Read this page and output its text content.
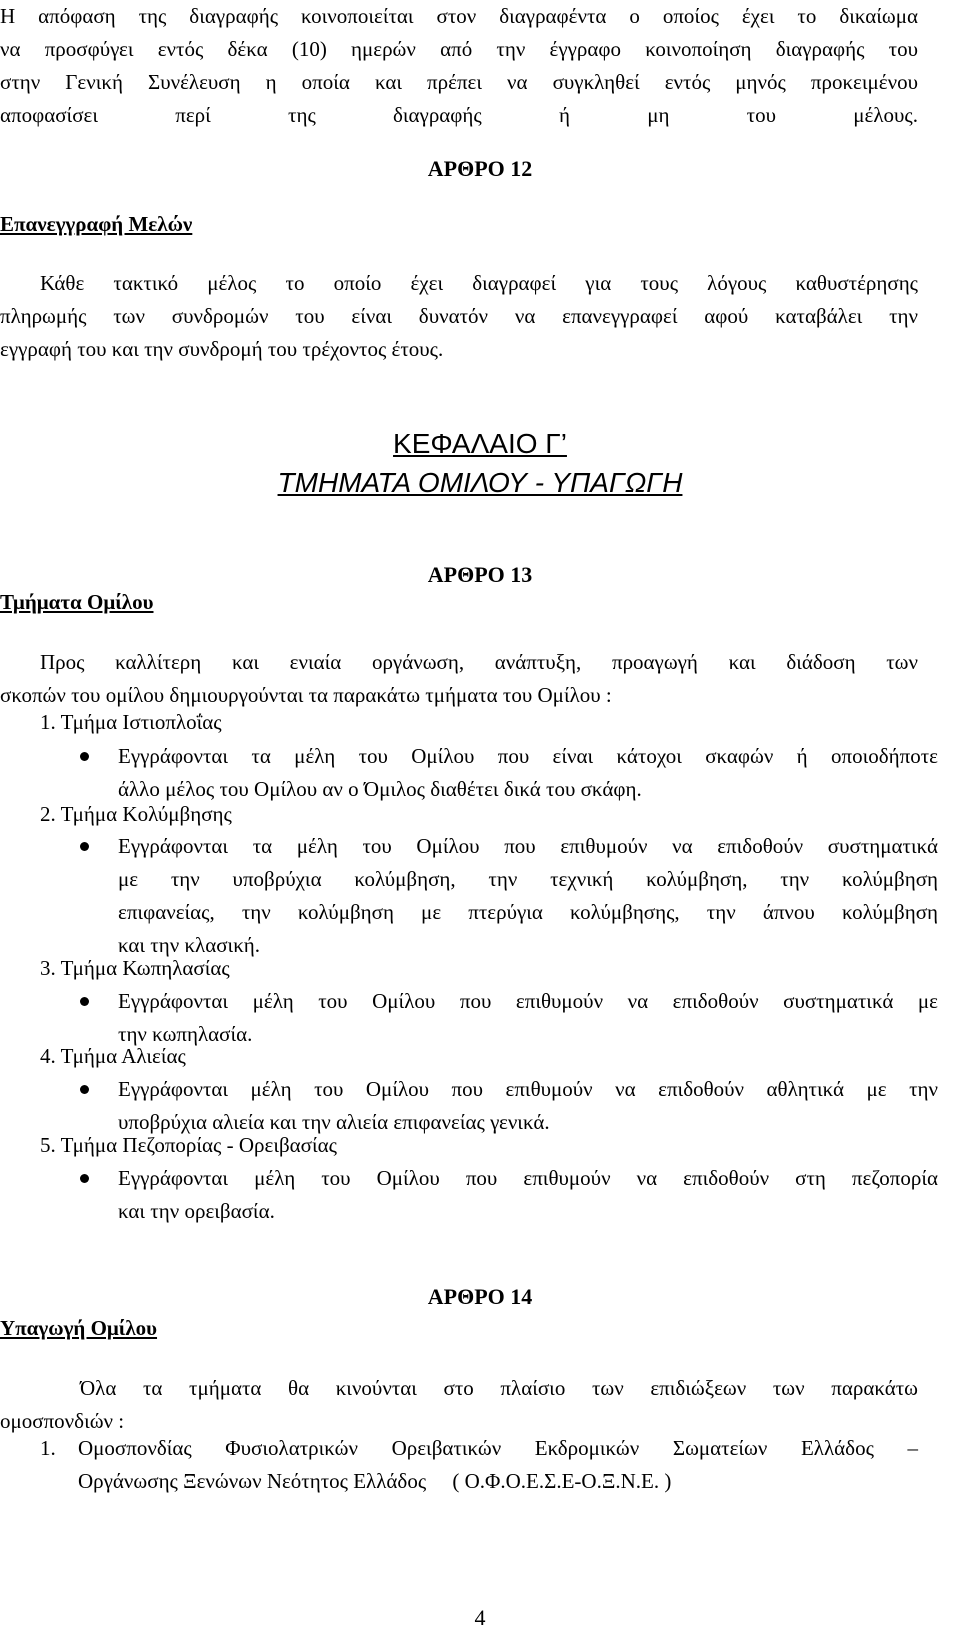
Η απόφαση της διαγραφής κοινοποιείται στον διαγραφέντα ο οποίος έχει το δικαίωμα
να προσφύγει εντός δέκα (10) ημερών από την έγγραφο κοινοποίηση διαγραφής του
στην Γενική Συνέλευση η οποία και πρέπει να συγκληθεί εντός μηνός προκειμένου
αποφασίσει περί της διαγραφής ή μη του μέλους.
ΑΡΘΡΟ 12
Επανεγγραφή Μελών
Κάθε τακτικό μέλος το οποίο έχει διαγραφεί για τους λόγους καθυστέρησης
πληρωμής των συνδρομών του είναι δυνατόν να επανεγγραφεί αφού καταβάλει την
εγγραφή του και την συνδρομή του τρέχοντος έτους.
ΚΕΦΑΛΑΙΟ Γ’
ΤΜΗΜΑΤΑ ΟΜΙΛΟΥ - ΥΠΑΓΩΓΗ
ΑΡΘΡΟ 13
Τμήματα Ομίλου
Προς καλλίτερη και ενιαία οργάνωση, ανάπτυξη, προαγωγή και διάδοση των
σκοπών του ομίλου δημιουργούνται τα παρακάτω τμήματα του Ομίλου :
1. Τμήμα Ιστιοπλοΐας
Εγγράφονται τα μέλη του Ομίλου που είναι κάτοχοι σκαφών ή οποιοδήποτε
άλλο μέλος του Ομίλου αν ο Όμιλος διαθέτει δικά του σκάφη.
2. Τμήμα Κολύμβησης
Εγγράφονται τα μέλη του Ομίλου που επιθυμούν να επιδοθούν συστηματικά
με την υποβρύχια κολύμβηση, την τεχνική κολύμβηση, την κολύμβηση
επιφανείας, την κολύμβηση με πτερύγια κολύμβησης, την άπνου κολύμβηση
και την κλασική.
3. Τμήμα Κωπηλασίας
Εγγράφονται μέλη του Ομίλου που επιθυμούν να επιδοθούν συστηματικά με
την κωπηλασία.
4. Τμήμα Αλιείας
Εγγράφονται μέλη του Ομίλου που επιθυμούν να επιδοθούν αθλητικά με την
υποβρύχια αλιεία και την αλιεία επιφανείας γενικά.
5. Τμήμα Πεζοπορίας - Ορειβασίας
Εγγράφονται μέλη του Ομίλου που επιθυμούν να επιδοθούν στη πεζοπορία
και την ορειβασία.
ΑΡΘΡΟ 14
Υπαγωγή Ομίλου
Όλα τα τμήματα θα κινούνται στο πλαίσιο των επιδιώξεων των παρακάτω
ομοσπονδιών :
1. Ομοσπονδίας Φυσιολατρικών Ορειβατικών Εκδρομικών Σωματείων Ελλάδος –
Οργάνωσης Ξενώνων Νεότητος Ελλάδος     ( Ο.Φ.Ο.Ε.Σ.Ε-Ο.Ξ.Ν.Ε. )
4
